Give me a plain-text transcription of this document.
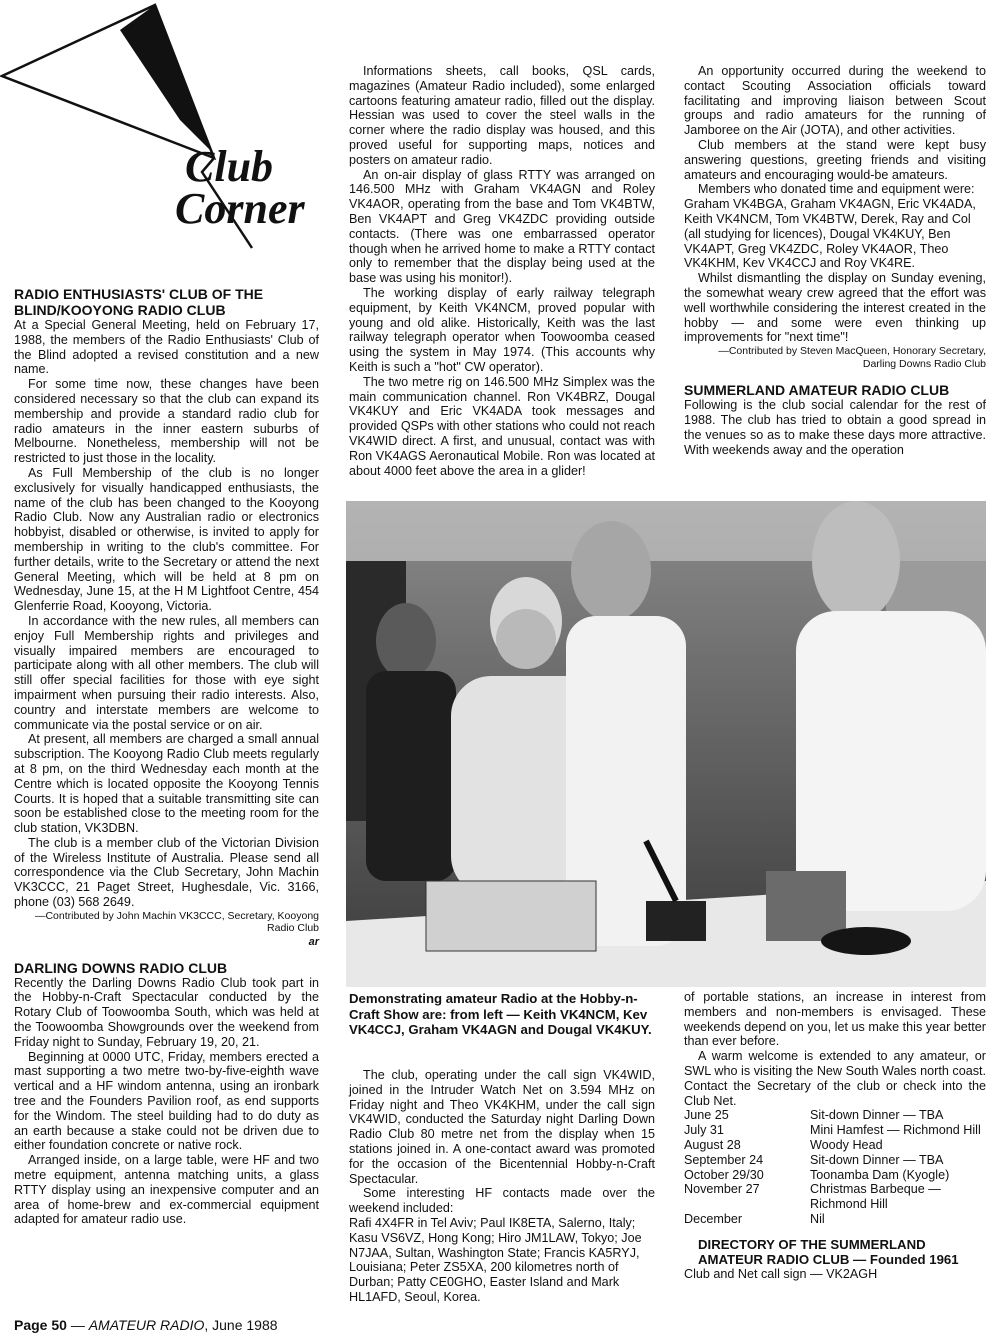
Club
Corner
RADIO ENTHUSIASTS' CLUB OF THE BLIND/KOOYONG RADIO CLUB

At a Special General Meeting, held on February 17, 1988, the members of the Radio Enthusiasts' Club of the Blind adopted a revised constitution and a new name.

For some time now, these changes have been considered necessary so that the club can expand its membership and provide a standard radio club for radio amateurs in the inner eastern suburbs of Melbourne. Nonetheless, membership will not be restricted to just those in the locality.

As Full Membership of the club is no longer exclusively for visually handicapped enthusiasts, the name of the club has been changed to the Kooyong Radio Club. Now any Australian radio or electronics hobbyist, disabled or otherwise, is invited to apply for membership in writing to the club's committee. For further details, write to the Secretary or attend the next General Meeting, which will be held at 8 pm on Wednesday, June 15, at the H M Lightfoot Centre, 454 Glenferrie Road, Kooyong, Victoria.

In accordance with the new rules, all members can enjoy Full Membership rights and privileges and visually impaired members are encouraged to participate along with all other members. The club will still offer special facilities for those with eye sight impairment when pursuing their radio interests. Also, country and interstate members are welcome to communicate via the postal service or on air.

At present, all members are charged a small annual subscription. The Kooyong Radio Club meets regularly at 8 pm, on the third Wednesday each month at the Centre which is located opposite the Kooyong Tennis Courts. It is hoped that a suitable transmitting site can soon be established close to the meeting room for the club station, VK3DBN.

The club is a member club of the Victorian Division of the Wireless Institute of Australia. Please send all correspondence via the Club Secretary, John Machin VK3CCC, 21 Paget Street, Hughesdale, Vic. 3166, phone (03) 568 2649.

—Contributed by John Machin VK3CCC, Secretary, Kooyong Radio Club

ar

DARLING DOWNS RADIO CLUB

Recently the Darling Downs Radio Club took part in the Hobby-n-Craft Spectacular conducted by the Rotary Club of Toowoomba South, which was held at the Toowoomba Showgrounds over the weekend from Friday night to Sunday, February 19, 20, 21.

Beginning at 0000 UTC, Friday, members erected a mast supporting a two metre two-by-five-eighth wave vertical and a HF windom antenna, using an ironbark tree and the Founders Pavilion roof, as end supports for the Windom. The steel building had to do duty as an earth because a stake could not be driven due to either foundation concrete or native rock.

Arranged inside, on a large table, were HF and two metre equipment, antenna matching units, a glass RTTY display using an inexpensive computer and an area of home-brew and ex-commercial equipment adapted for amateur radio use.

Informations sheets, call books, QSL cards, magazines (Amateur Radio included), some enlarged cartoons featuring amateur radio, filled out the display. Hessian was used to cover the steel walls in the corner where the radio display was housed, and this proved useful for supporting maps, notices and posters on amateur radio.

An on-air display of glass RTTY was arranged on 146.500 MHz with Graham VK4AGN and Roley VK4AOR, operating from the base and Tom VK4BTW, Ben VK4APT and Greg VK4ZDC providing outside contacts. (There was one embarrassed operator though when he arrived home to make a RTTY contact only to remember that the display being used at the base was using his monitor!).

The working display of early railway telegraph equipment, by Keith VK4NCM, proved popular with young and old alike. Historically, Keith was the last railway telegraph operator when Toowoomba ceased using the system in May 1974. (This accounts why Keith is such a "hot" CW operator).

The two metre rig on 146.500 MHz Simplex was the main communication channel. Ron VK4BRZ, Dougal VK4KUY and Eric VK4ADA took messages and provided QSPs with other stations who could not reach VK4WID direct. A first, and unusual, contact was with Ron VK4AGS Aeronautical Mobile. Ron was located at about 4000 feet above the area in a glider!

An opportunity occurred during the weekend to contact Scouting Association officials toward facilitating and improving liaison between Scout groups and radio amateurs for the running of Jamboree on the Air (JOTA), and other activities.

Club members at the stand were kept busy answering questions, greeting friends and visiting amateurs and encouraging would-be amateurs.

Members who donated time and equipment were:

Graham VK4BGA, Graham VK4AGN, Eric VK4ADA, Keith VK4NCM, Tom VK4BTW, Derek, Ray and Col (all studying for licences), Dougal VK4KUY, Ben VK4APT, Greg VK4ZDC, Roley VK4AOR, Theo VK4KHM, Kev VK4CCJ and Roy VK4RE.

Whilst dismantling the display on Sunday evening, the somewhat weary crew agreed that the effort was well worthwhile considering the interest created in the hobby — and some were even thinking up improvements for "next time"!

—Contributed by Steven MacQueen, Honorary Secretary, Darling Downs Radio Club

SUMMERLAND AMATEUR RADIO CLUB

Following is the club social calendar for the rest of 1988. The club has tried to obtain a good spread in the venues so as to make these days more attractive. With weekends away and the operation

Demonstrating amateur Radio at the Hobby-n-Craft Show are: from left — Keith VK4NCM, Kev VK4CCJ, Graham VK4AGN and Dougal VK4KUY.

The club, operating under the call sign VK4WID, joined in the Intruder Watch Net on 3.594 MHz on Friday night and Theo VK4KHM, under the call sign VK4WID, conducted the Saturday night Darling Down Radio Club 80 metre net from the display when 15 stations joined in. A one-contact award was promoted for the occasion of the Bicentennial Hobby-n-Craft Spectacular.

Some interesting HF contacts made over the weekend included:

Rafi 4X4FR in Tel Aviv; Paul IK8ETA, Salerno, Italy; Kasu VS6VZ, Hong Kong; Hiro JM1LAW, Tokyo; Joe N7JAA, Sultan, Washington State; Francis KA5RYJ, Louisiana; Peter ZS5XA, 200 kilometres north of Durban; Patty CE0GHO, Easter Island and Mark HL1AFD, Seoul, Korea.

of portable stations, an increase in interest from members and non-members is envisaged. These weekends depend on you, let us make this year better than ever before.

A warm welcome is extended to any amateur, or SWL who is visiting the New South Wales north coast. Contact the Secretary of the club or check into the Club Net.

June 25	Sit-down Dinner — TBA
July 31	Mini Hamfest — Richmond Hill
August 28	Woody Head
September 24	Sit-down Dinner — TBA
October 29/30	Toonamba Dam (Kyogle)
November 27	Christmas Barbeque — Richmond Hill
December	Nil
DIRECTORY OF THE SUMMERLAND AMATEUR RADIO CLUB — Founded 1961

Club and Net call sign — VK2AGH

Page 50 — AMATEUR RADIO, June 1988
